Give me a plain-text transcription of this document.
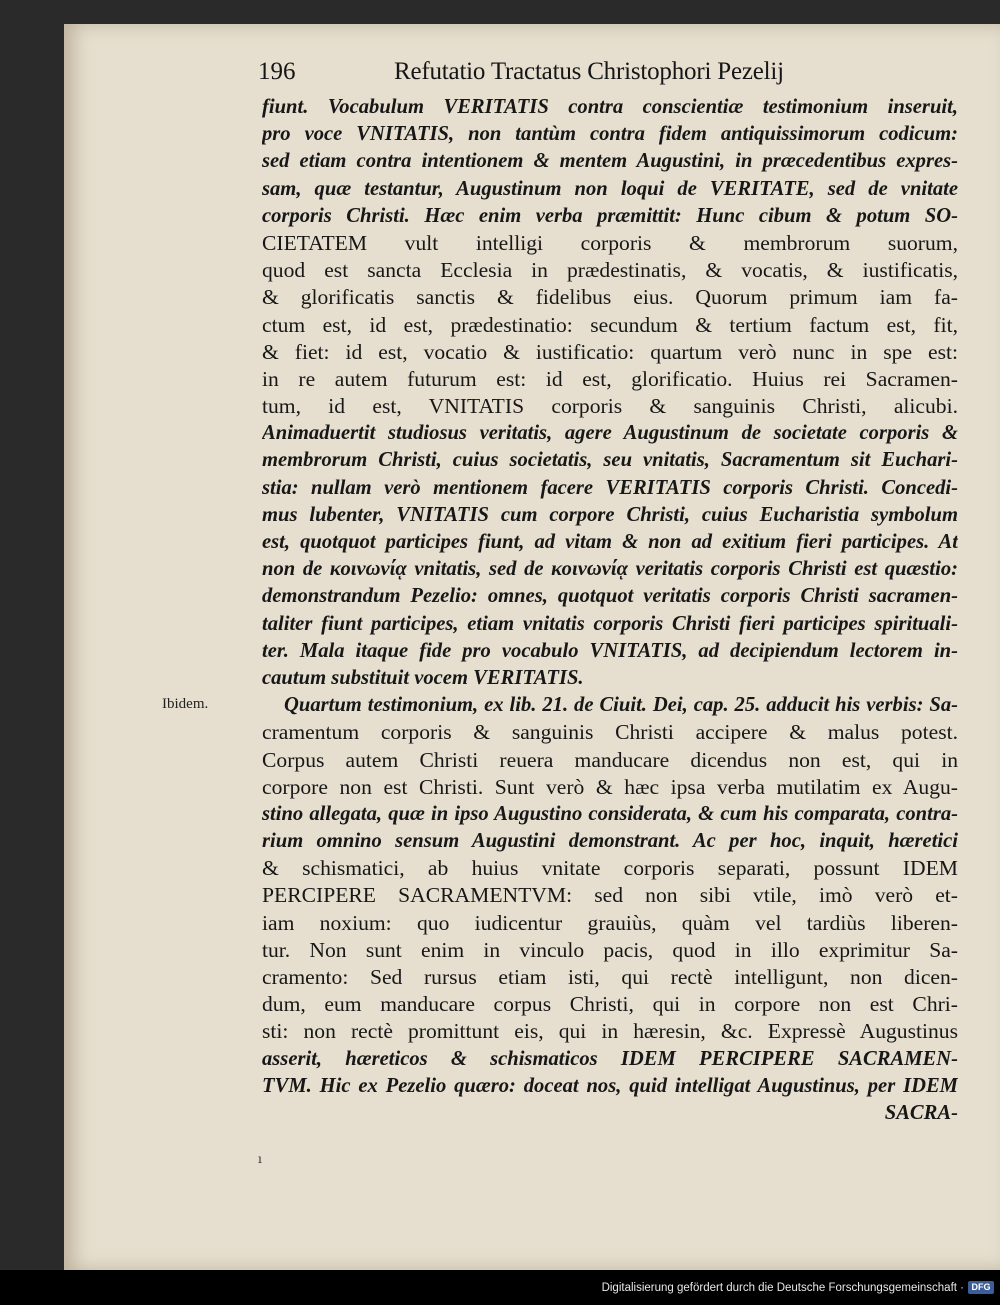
196	Refutatio Tractatus Christophori Pezelij
Ibidem.
fiunt. Vocabulum VERITATIS contra conscientiæ testimonium inseruit,
pro voce VNITATIS, non tantùm contra fidem antiquissimorum codicum:
sed etiam contra intentionem & mentem Augustini, in præcedentibus expres-
sam, quæ testantur, Augustinum non loqui de VERITATE, sed de vnitate
corporis Christi. Hæc enim verba præmittit: Hunc cibum & potum SO-
CIETATEM vult intelligi corporis & membrorum suorum,
quod est sancta Ecclesia in prædestinatis, & vocatis, & iustificatis,
& glorificatis sanctis & fidelibus eius. Quorum primum iam fa-
ctum est, id est, prædestinatio: secundum & tertium factum est, fit,
& fiet: id est, vocatio & iustificatio: quartum verò nunc in spe est:
in re autem futurum est: id est, glorificatio. Huius rei Sacramen-
tum, id est, VNITATIS corporis & sanguinis Christi, alicubi.
Animaduertit studiosus veritatis, agere Augustinum de societate corporis &
membrorum Christi, cuius societatis, seu vnitatis, Sacramentum sit Euchari-
stia: nullam verò mentionem facere VERITATIS corporis Christi. Concedi-
mus lubenter, VNITATIS cum corpore Christi, cuius Eucharistia symbolum
est, quotquot participes fiunt, ad vitam & non ad exitium fieri participes. At
non de κοινωνίᾳ vnitatis, sed de κοινωνίᾳ veritatis corporis Christi est quæstio:
demonstrandum Pezelio: omnes, quotquot veritatis corporis Christi sacramen-
taliter fiunt participes, etiam vnitatis corporis Christi fieri participes spirituali-
ter. Mala itaque fide pro vocabulo VNITATIS, ad decipiendum lectorem in-
cautum substituit vocem VERITATIS.
Quartum testimonium, ex lib. 21. de Ciuit. Dei, cap. 25. adducit his verbis: Sa-
cramentum corporis & sanguinis Christi accipere & malus potest.
Corpus autem Christi reuera manducare dicendus non est, qui in
corpore non est Christi. Sunt verò & hæc ipsa verba mutilatim ex Augu-
stino allegata, quæ in ipso Augustino considerata, & cum his comparata, contra-
rium omnino sensum Augustini demonstrant. Ac per hoc, inquit, hæretici
& schismatici, ab huius vnitate corporis separati, possunt IDEM
PERCIPERE SACRAMENTVM: sed non sibi vtile, imò verò et-
iam noxium: quo iudicentur grauiùs, quàm vel tardiùs liberen-
tur. Non sunt enim in vinculo pacis, quod in illo exprimitur Sa-
cramento: Sed rursus etiam isti, qui rectè intelligunt, non dicen-
dum, eum manducare corpus Christi, qui in corpore non est Chri-
sti: non rectè promittunt eis, qui in hæresin, &c. Expressè Augustinus
asserit, hæreticos & schismaticos IDEM PERCIPERE SACRAMEN-
TVM. Hic ex Pezelio quæro: doceat nos, quid intelligat Augustinus, per IDEM
SACRA-
ı
Digitalisierung gefördert durch die Deutsche Forschungsgemeinschaft · DFG
